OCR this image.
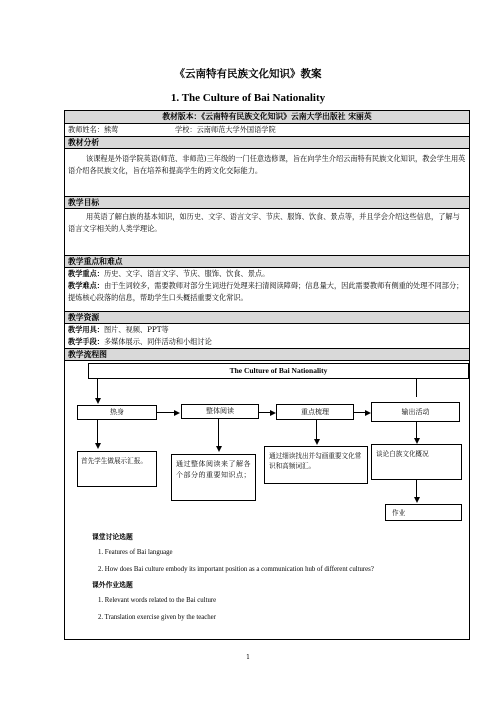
《云南特有民族文化知识》教案
1. The Culture of Bai Nationality
教材版本：《云南特有民族文化知识》云南大学出版社 宋丽英
教师姓名：熊莺	学校：云南师范大学外国语学院
教材分析
该课程是外语学院英语(师范、非师范)三年级的一门任意选修课，旨在向学生介绍云南特有民族文化知识，教会学生用英语介绍各民族文化，旨在培养和提高学生的跨文化交际能力。
教学目标
用英语了解白族的基本知识，如历史、文字、语言文字、节庆、服饰、饮食、景点等，并且学会介绍这些信息，了解与语言文字相关的人类学理论。
教学重点和难点
教学重点：历史、文字、语言文字、节庆、服饰、饮食、景点。
教学难点：由于生词较多，需要教师对部分生词进行处理来扫清阅读障碍；信息量大，因此需要教师有侧重的处理不同部分；提炼核心段落的信息，帮助学生口头概括重要文化常识。
教学资源
教学用具：图片、视频、PPT等
教学手段：多媒体展示、同伴活动和小组讨论
教学流程图
The Culture of Bai Nationality
热身	整体阅读	重点梳理	输出活动
首先学生做展示汇报。	通过整体阅读来了解各个部分的重要知识点；
通过细读找出并勾画重要文化常识和高频词汇。
谈论白族文化概况
作业
课堂讨论选题
1. Features of Bai language
2. How does Bai culture embody its important position as a communication hub of different cultures?
课外作业选题
1. Relevant words related to the Bai culture
2. Translation exercise given by the teacher
1
